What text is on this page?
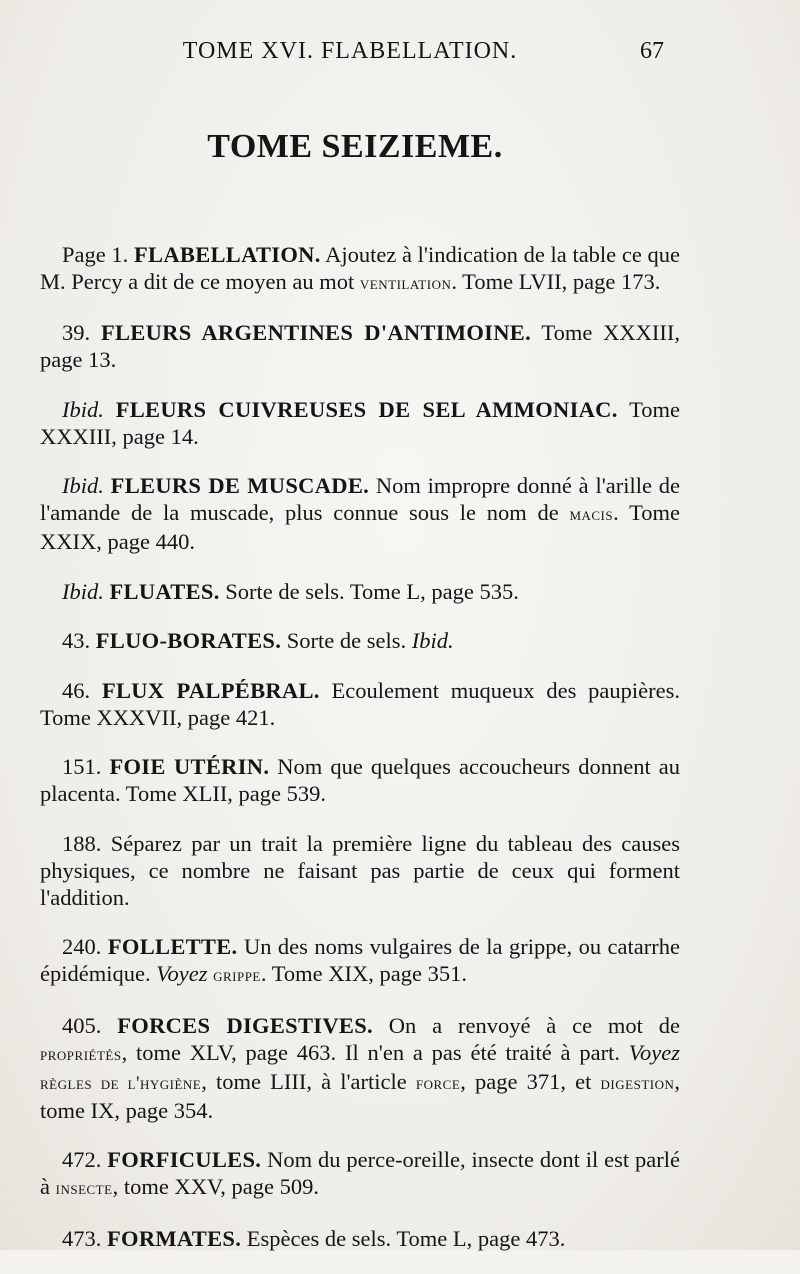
TOME XVI. FLABELLATION.	67
TOME SEIZIEME.

Page 1. FLABELLATION. Ajoutez à l'indication de la table ce que M. Percy a dit de ce moyen au mot ventilation. Tome LVII, page 173.

39. FLEURS ARGENTINES D'ANTIMOINE. Tome XXXIII, page 13.

Ibid. FLEURS CUIVREUSES DE SEL AMMONIAC. Tome XXXIII, page 14.

Ibid. FLEURS DE MUSCADE. Nom impropre donné à l'arille de l'amande de la muscade, plus connue sous le nom de macis. Tome XXIX, page 440.

Ibid. FLUATES. Sorte de sels. Tome L, page 535.

43. FLUO-BORATES. Sorte de sels. Ibid.

46. FLUX PALPÉBRAL. Ecoulement muqueux des paupières. Tome XXXVII, page 421.

151. FOIE UTÉRIN. Nom que quelques accoucheurs donnent au placenta. Tome XLII, page 539.

188. Séparez par un trait la première ligne du tableau des causes physiques, ce nombre ne faisant pas partie de ceux qui forment l'addition.

240. FOLLETTE. Un des noms vulgaires de la grippe, ou catarrhe épidémique. Voyez grippe. Tome XIX, page 351.

405. FORCES DIGESTIVES. On a renvoyé à ce mot de propriétés, tome XLV, page 463. Il n'en a pas été traité à part. Voyez règles de l'hygiène, tome LIII, à l'article force, page 371, et digestion, tome IX, page 354.

472. FORFICULES. Nom du perce-oreille, insecte dont il est parlé à insecte, tome XXV, page 509.

473. FORMATES. Espèces de sels. Tome L, page 473.
